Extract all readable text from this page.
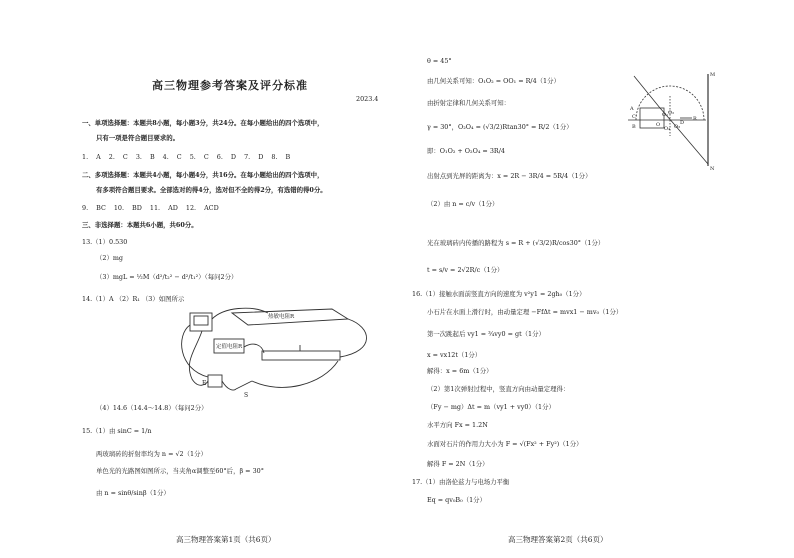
高三物理参考答案及评分标准
2023.4
一、单项选择题：本题共8小题，每小题3分，共24分。在每小题给出的四个选项中，
只有一项是符合题目要求的。
1. A 2. C 3. B 4. C 5. C 6. D 7. D 8. B
二、多项选择题：本题共4小题，每小题4分，共16分。在每小题给出的四个选项中，
有多项符合题目要求。全部选对的得4分，选对但不全的得2分，有选错的得0分。
9. BC 10. BD 11. AD 12. ACD
三、非选择题：本题共6小题，共60分。
13.（1）0.530
（2）mg
（3）mgL = ½M（d²/t₂² − d²/t₁²）（每问2分）
14.（1）A （2）R₁ （3）如图所示
热敏电阻R
定值电阻R
E
S
（4）14.6（14.4～14.8）（每问2分）
15.（1）由 sinC = 1/n
两玻璃砖的折射率均为 n = √2（1分）
单色光的光路图如图所示，当夹角α调整至60°后，β = 30°
由 n = sinθ/sinβ（1分）
高三物理答案第1页（共6页）
θ = 45°
由几何关系可知：O₁O₂ = OO₁ = R/4（1分）
由折射定律和几何关系可知：
γ = 30°，O₂O₄ = (√3/2)Rtan30° = R/2（1分）
即：O₁O₂ + O₂O₄ = 3R/4
出射点到光屏的距离为：x = 2R − 3R/4 = 5R/4（1分）
（2）由 n = c/v（1分）
光在玻璃砖内传播的路程为 s = R + (√3/2)R/cos30°（1分）
t = s/v = 2√2R/c（1分）
16.（1）接触水面前竖直方向的速度为 v²y1 = 2gh₀（1分）
小石片在水面上滑行时，由动量定理 −FfΔt = mvx1 − mv₀（1分）
第一次跳起后 vy1 = ¾vy0 = gt（1分）
x = vx12t（1分）
解得：x = 6m（1分）
（2）第1次弹射过程中，竖直方向由动量定理得：
（Fy − mg）Δt = m（vy1 + vy0）（1分）
水平方向 Fx = 1.2N
水面对石片的作用力大小为 F = √(Fx² + Fy²)（1分）
解得 F = 2N（1分）
17.（1）由洛伦兹力与电场力平衡
Eq = qv₀B₀（1分）
M
N
D
R
O
O₁ O₂
O₃
O₄
A
B
C
高三物理答案第2页（共6页）
